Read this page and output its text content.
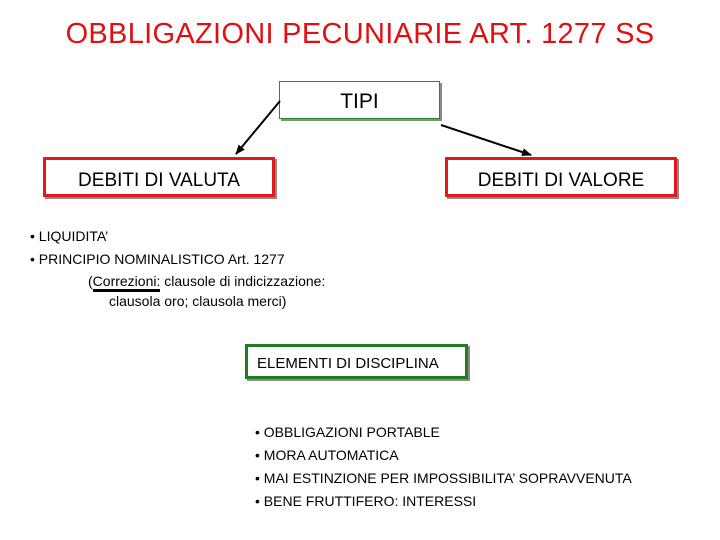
OBBLIGAZIONI PECUNIARIE ART. 1277 SS
TIPI
DEBITI DI VALUTA	DEBITI DI VALORE
• LIQUIDITA’
• PRINCIPIO NOMINALISTICO Art. 1277
(Correzioni: clausole di indicizzazione:
clausola oro; clausola merci)
ELEMENTI DI DISCIPLINA
• OBBLIGAZIONI PORTABLE
• MORA AUTOMATICA
• MAI ESTINZIONE PER IMPOSSIBILITA’ SOPRAVVENUTA
• BENE FRUTTIFERO: INTERESSI
